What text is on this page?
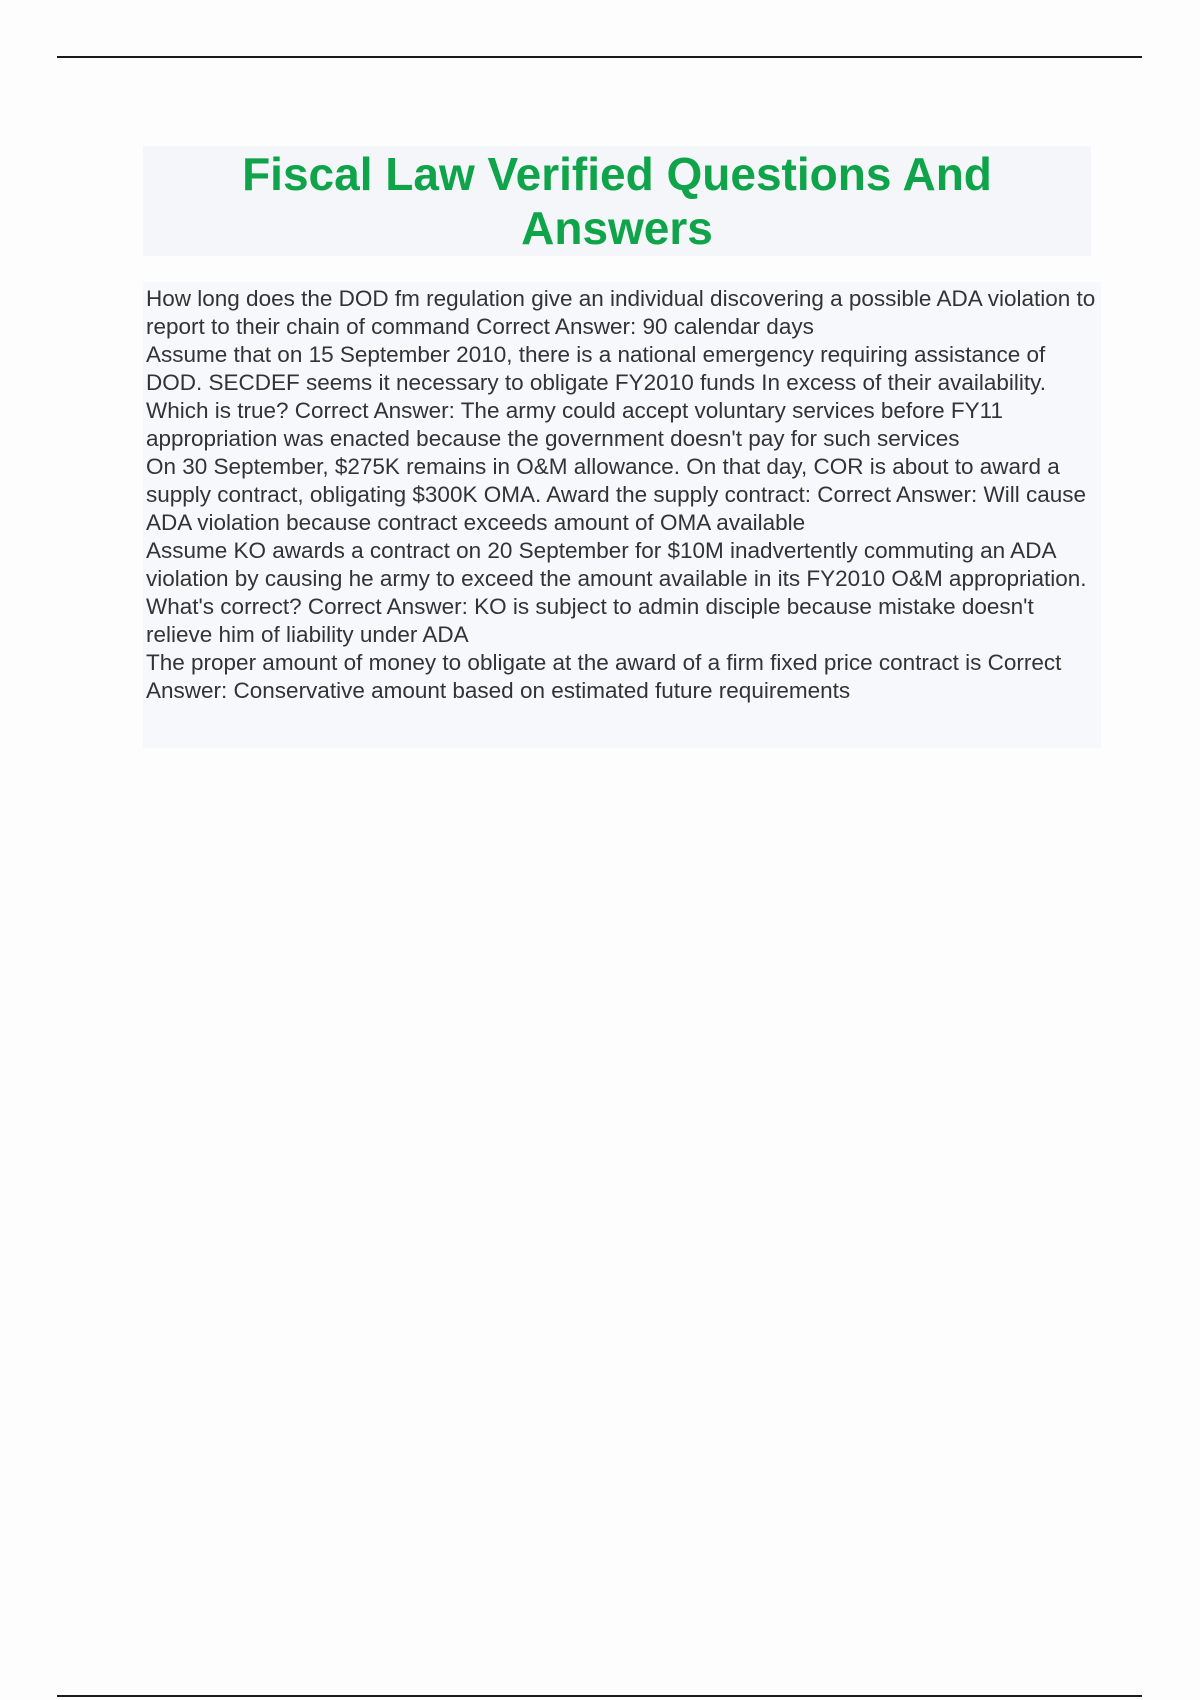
Fiscal Law Verified Questions And Answers
How long does the DOD fm regulation give an individual discovering a possible ADA violation to report to their chain of command Correct Answer: 90 calendar days
Assume that on 15 September 2010, there is a national emergency requiring assistance of DOD. SECDEF seems it necessary to obligate FY2010 funds In excess of their availability. Which is true? Correct Answer: The army could accept voluntary services before FY11 appropriation was enacted because the government doesn't pay for such services
On 30 September, $275K remains in O&M allowance. On that day, COR is about to award a supply contract, obligating $300K OMA. Award the supply contract: Correct Answer: Will cause ADA violation because contract exceeds amount of OMA available
Assume KO awards a contract on 20 September for $10M inadvertently commuting an ADA violation by causing he army to exceed the amount available in its FY2010 O&M appropriation. What's correct? Correct Answer: KO is subject to admin disciple because mistake doesn't relieve him of liability under ADA
The proper amount of money to obligate at the award of a firm fixed price contract is Correct Answer: Conservative amount based on estimated future requirements
